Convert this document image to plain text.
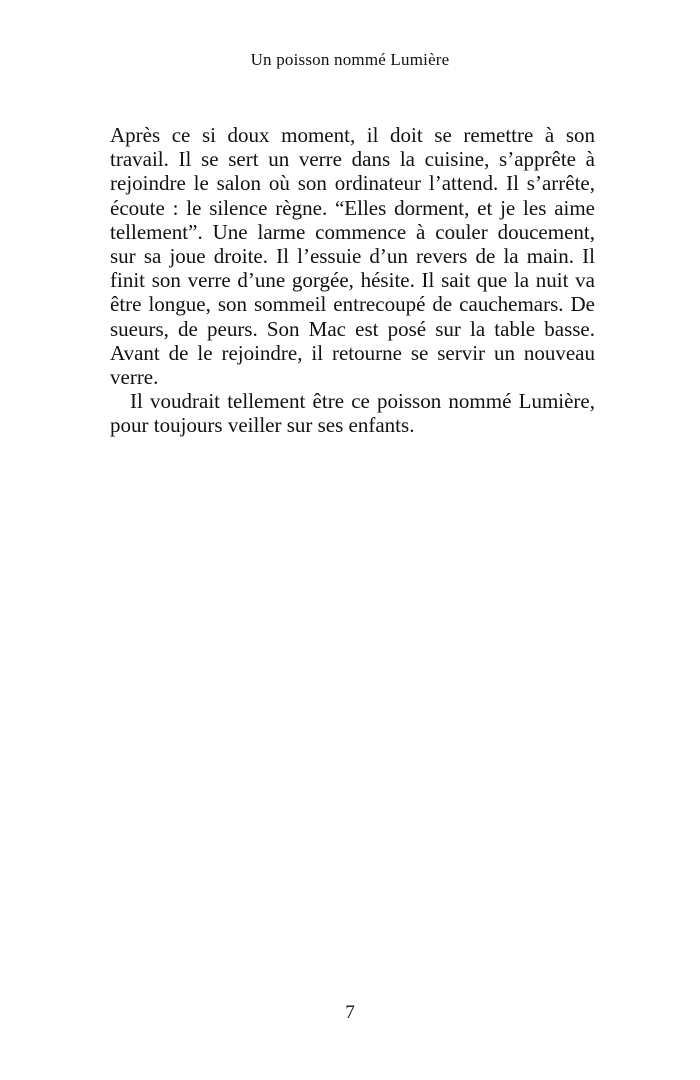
Un poisson nommé Lumière

Après ce si doux moment, il doit se remettre à son travail. Il se sert un verre dans la cuisine, s’apprête à rejoindre le salon où son ordinateur l’attend. Il s’arrête, écoute : le silence règne. “Elles dorment, et je les aime tellement”. Une larme commence à couler doucement, sur sa joue droite. Il l’essuie d’un revers de la main. Il finit son verre d’une gorgée, hésite. Il sait que la nuit va être longue, son sommeil entrecoupé de cauchemars. De sueurs, de peurs. Son Mac est posé sur la table basse. Avant de le rejoindre, il retourne se servir un nouveau verre.

Il voudrait tellement être ce poisson nommé Lumière, pour toujours veiller sur ses enfants.

7
